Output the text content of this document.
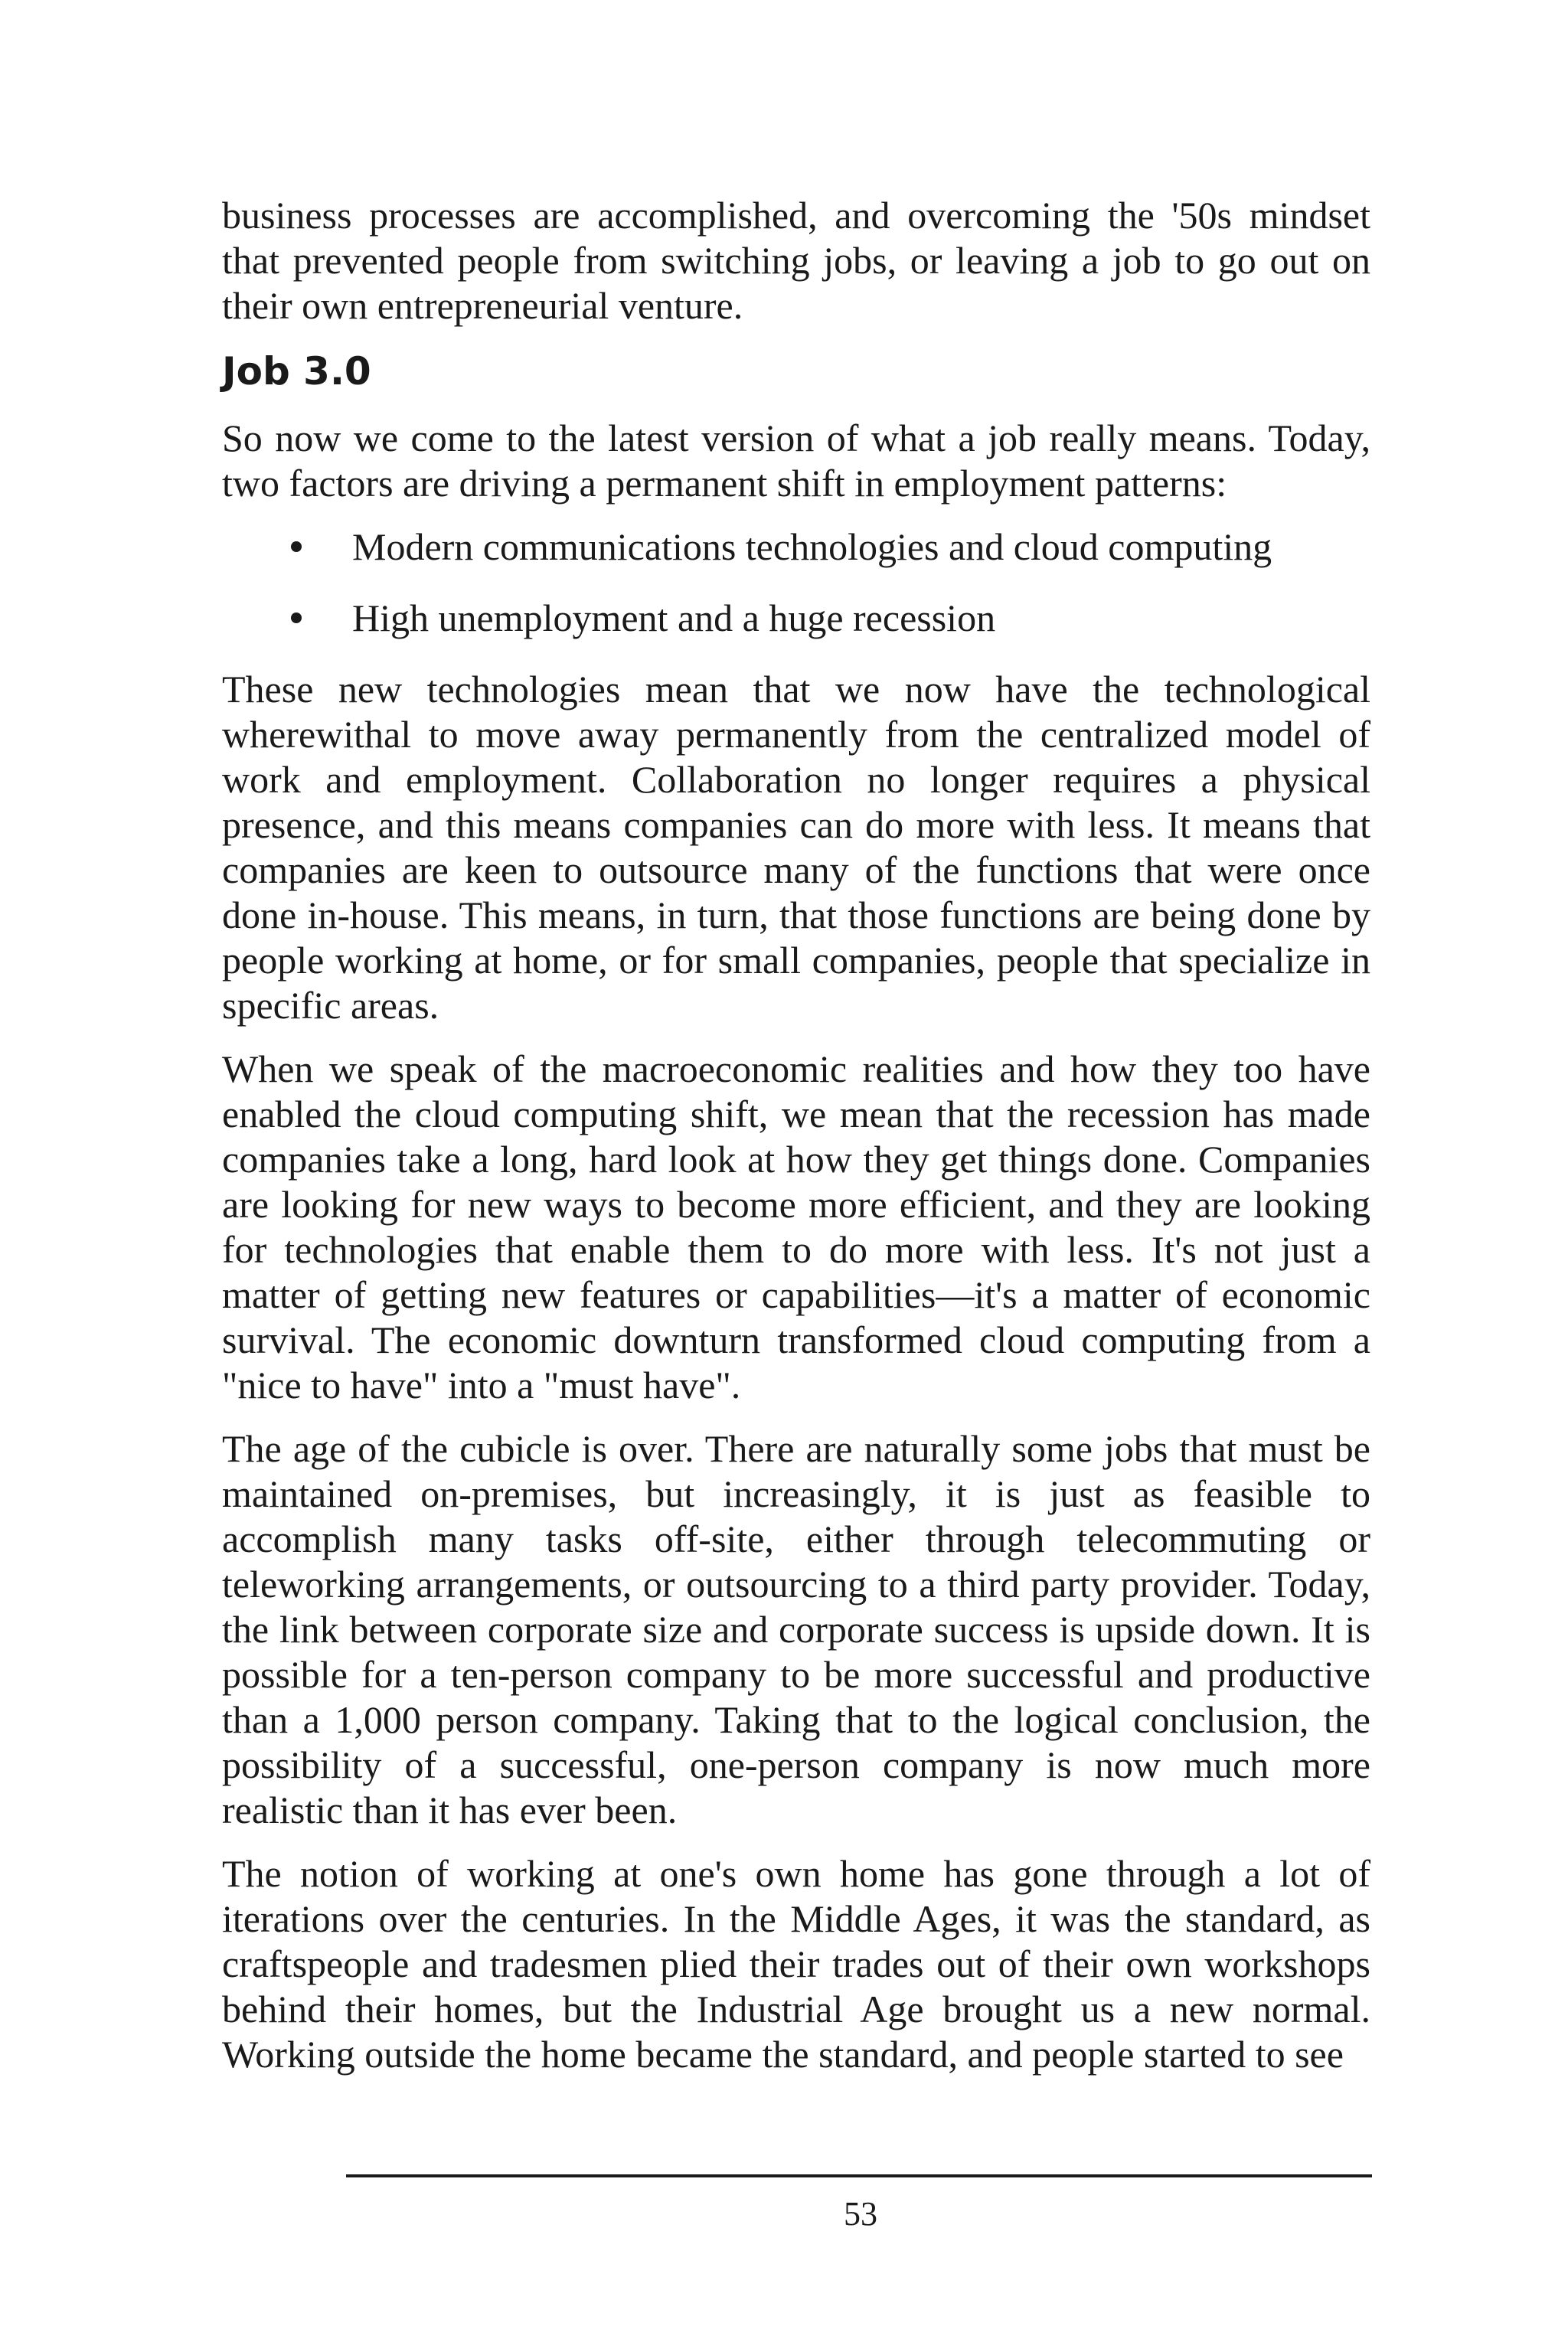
business processes are accomplished, and overcoming the '50s mindset that prevented people from switching jobs, or leaving a job to go out on their own entrepreneurial venture.

Job 3.0

So now we come to the latest version of what a job really means. Today, two factors are driving a permanent shift in employment patterns:

Modern communications technologies and cloud computing
High unemployment and a huge recession

These new technologies mean that we now have the technological wherewithal to move away permanently from the centralized model of work and employment. Collaboration no longer requires a physical presence, and this means companies can do more with less. It means that companies are keen to outsource many of the functions that were once done in-house. This means, in turn, that those functions are being done by people working at home, or for small companies, people that specialize in specific areas.

When we speak of the macroeconomic realities and how they too have enabled the cloud computing shift, we mean that the recession has made companies take a long, hard look at how they get things done. Companies are looking for new ways to become more efficient, and they are looking for technologies that enable them to do more with less. It's not just a matter of getting new features or capabilities—it's a matter of economic survival. The economic downturn transformed cloud computing from a "nice to have" into a "must have".

The age of the cubicle is over. There are naturally some jobs that must be maintained on-premises, but increasingly, it is just as feasible to accomplish many tasks off-site, either through telecommuting or teleworking arrangements, or outsourcing to a third party provider. Today, the link between corporate size and corporate success is upside down. It is possible for a ten-person company to be more successful and productive than a 1,000 person company. Taking that to the logical conclusion, the possibility of a successful, one-person company is now much more realistic than it has ever been.

The notion of working at one's own home has gone through a lot of iterations over the centuries. In the Middle Ages, it was the standard, as craftspeople and tradesmen plied their trades out of their own workshops behind their homes, but the Industrial Age brought us a new normal. Working outside the home became the standard, and people started to see

53
